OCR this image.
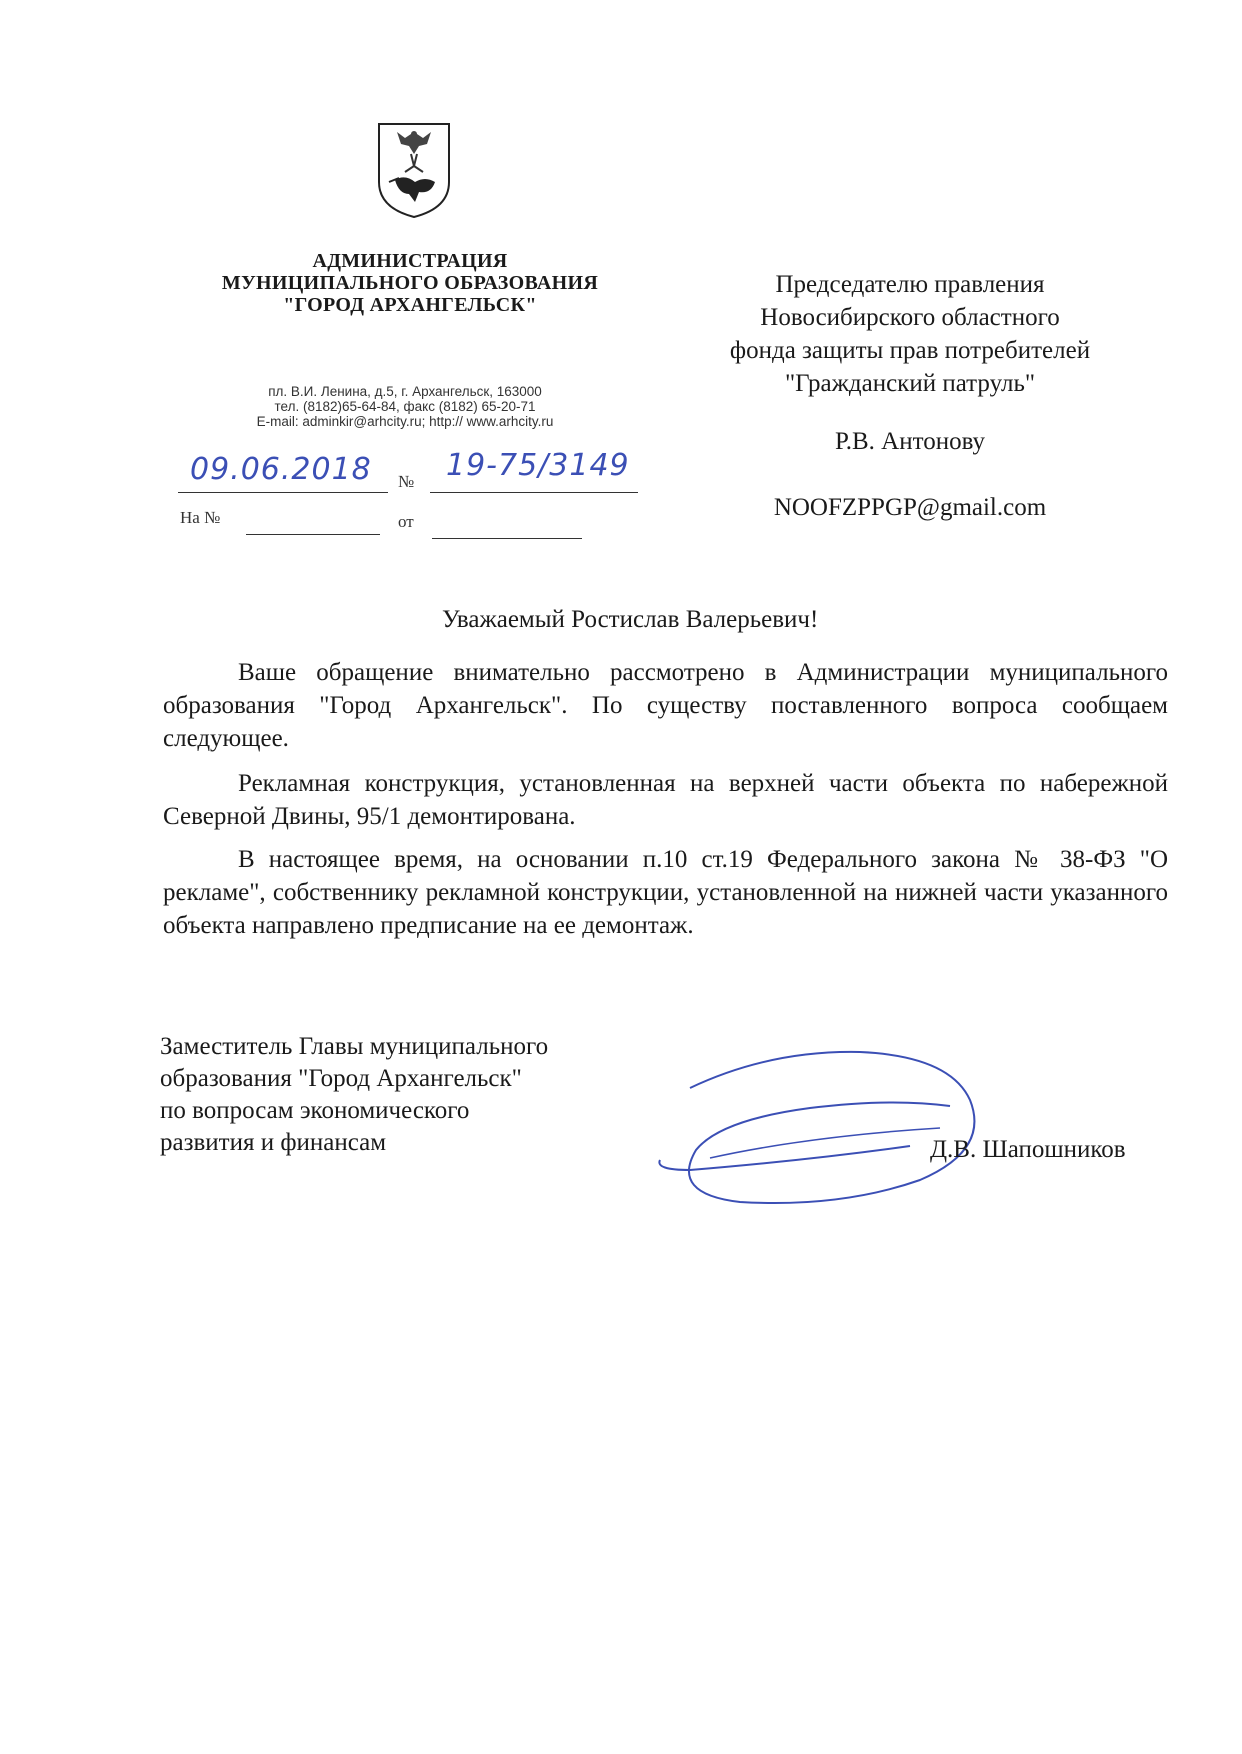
АДМИНИСТРАЦИЯ
МУНИЦИПАЛЬНОГО ОБРАЗОВАНИЯ
"ГОРОД АРХАНГЕЛЬСК"
пл. В.И. Ленина, д.5, г. Архангельск, 163000
тел. (8182)65-64-84, факс (8182) 65-20-71
E-mail: adminkir@arhcity.ru; http:// www.arhcity.ru
09.06.2018 № 19-75/3149
На №	от
Председателю правления
Новосибирского областного
фонда защиты прав потребителей
"Гражданский патруль"
Р.В. Антонову
NOOFZPPGP@gmail.com
Уважаемый Ростислав Валерьевич!

Ваше обращение внимательно рассмотрено в Администрации муниципального образования "Город Архангельск". По существу поставленного вопроса сообщаем следующее.

Рекламная конструкция, установленная на верхней части объекта по набережной Северной Двины, 95/1 демонтирована.

В настоящее время, на основании п.10 ст.19 Федерального закона № 38-ФЗ "О рекламе", собственнику рекламной конструкции, установленной на нижней части указанного объекта направлено предписание на ее демонтаж.

Заместитель Главы муниципального
образования "Город Архангельск"
по вопросам экономического
развития и финансам	Д.В. Шапошников
